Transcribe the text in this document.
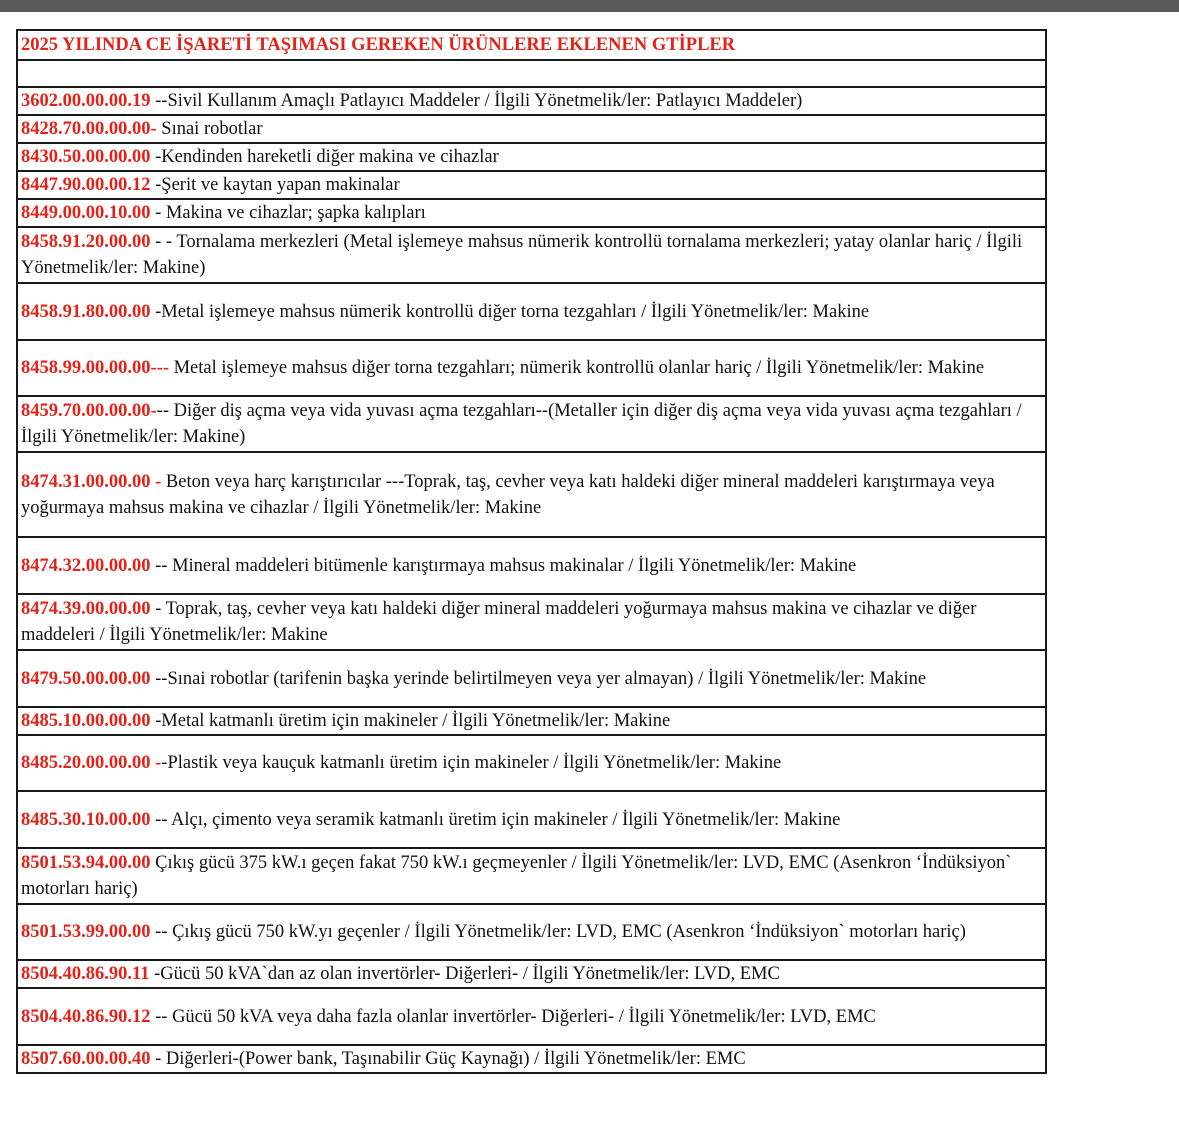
2025 YILINDA CE İŞARETİ TAŞIMASI GEREKEN ÜRÜNLERE EKLENEN GTİPLER

3602.00.00.00.19 --Sivil Kullanım Amaçlı Patlayıcı Maddeler / İlgili Yönetmelik/ler: Patlayıcı Maddeler)
8428.70.00.00.00- Sınai robotlar
8430.50.00.00.00 -Kendinden hareketli diğer makina ve cihazlar
8447.90.00.00.12 -Şerit ve kaytan yapan makinalar
8449.00.00.10.00 - Makina ve cihazlar; şapka kalıpları
8458.91.20.00.00 - - Tornalama merkezleri (Metal işlemeye mahsus nümerik kontrollü tornalama merkezleri; yatay olanlar hariç / İlgili Yönetmelik/ler: Makine)
8458.91.80.00.00 -Metal işlemeye mahsus nümerik kontrollü diğer torna tezgahları / İlgili Yönetmelik/ler: Makine
8458.99.00.00.00--- Metal işlemeye mahsus diğer torna tezgahları; nümerik kontrollü olanlar hariç / İlgili Yönetmelik/ler: Makine
8459.70.00.00.00--- Diğer diş açma veya vida yuvası açma tezgahları--(Metaller için diğer diş açma veya vida yuvası açma tezgahları / İlgili Yönetmelik/ler: Makine)
8474.31.00.00.00 - Beton veya harç karıştırıcılar ---Toprak, taş, cevher veya katı haldeki diğer mineral maddeleri karıştırmaya veya yoğurmaya mahsus makina ve cihazlar / İlgili Yönetmelik/ler: Makine
8474.32.00.00.00 -- Mineral maddeleri bitümenle karıştırmaya mahsus makinalar / İlgili Yönetmelik/ler: Makine
8474.39.00.00.00 - Toprak, taş, cevher veya katı haldeki diğer mineral maddeleri yoğurmaya mahsus makina ve cihazlar ve diğer maddeleri / İlgili Yönetmelik/ler: Makine
8479.50.00.00.00 --Sınai robotlar (tarifenin başka yerinde belirtilmeyen veya yer almayan) / İlgili Yönetmelik/ler: Makine
8485.10.00.00.00 -Metal katmanlı üretim için makineler / İlgili Yönetmelik/ler: Makine
8485.20.00.00.00 --Plastik veya kauçuk katmanlı üretim için makineler / İlgili Yönetmelik/ler: Makine
8485.30.10.00.00 -- Alçı, çimento veya seramik katmanlı üretim için makineler / İlgili Yönetmelik/ler: Makine
8501.53.94.00.00 Çıkış gücü 375 kW.ı geçen fakat 750 kW.ı geçmeyenler / İlgili Yönetmelik/ler: LVD, EMC (Asenkron ‘İndüksiyon` motorları hariç)
8501.53.99.00.00 -- Çıkış gücü 750 kW.yı geçenler / İlgili Yönetmelik/ler: LVD, EMC (Asenkron ‘İndüksiyon` motorları hariç)
8504.40.86.90.11 -Gücü 50 kVA`dan az olan invertörler- Diğerleri- / İlgili Yönetmelik/ler: LVD, EMC
8504.40.86.90.12 -- Gücü 50 kVA veya daha fazla olanlar invertörler- Diğerleri- / İlgili Yönetmelik/ler: LVD, EMC
8507.60.00.00.40 - Diğerleri-(Power bank, Taşınabilir Güç Kaynağı) / İlgili Yönetmelik/ler: EMC
